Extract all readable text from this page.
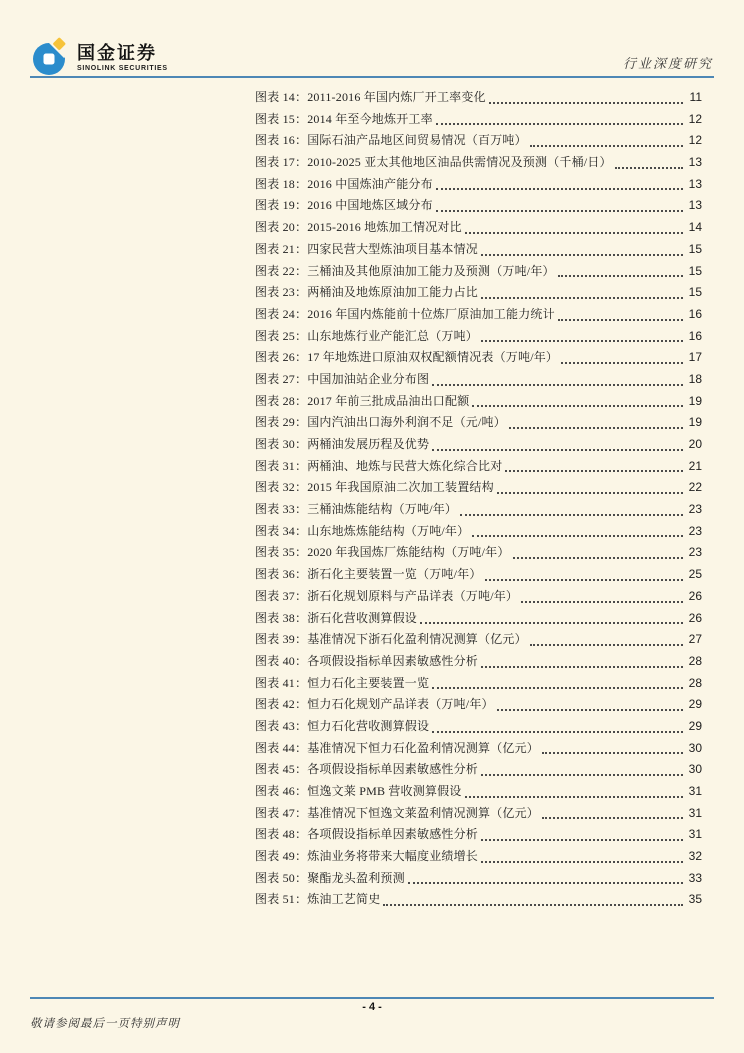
国金证券
SINOLINK SECURITIES	行业深度研究
图表 14：2011-2016 年国内炼厂开工率变化	11
图表 15：2014 年至今地炼开工率	12
图表 16：国际石油产品地区间贸易情况（百万吨）	12
图表 17：2010-2025 亚太其他地区油品供需情况及预测（千桶/日）	13
图表 18：2016 中国炼油产能分布	13
图表 19：2016 中国地炼区域分布	13
图表 20：2015-2016 地炼加工情况对比	14
图表 21：四家民营大型炼油项目基本情况	15
图表 22：三桶油及其他原油加工能力及预测（万吨/年）	15
图表 23：两桶油及地炼原油加工能力占比	15
图表 24：2016 年国内炼能前十位炼厂原油加工能力统计	16
图表 25：山东地炼行业产能汇总（万吨）	16
图表 26：17 年地炼进口原油双权配额情况表（万吨/年）	17
图表 27：中国加油站企业分布图	18
图表 28：2017 年前三批成品油出口配额	19
图表 29：国内汽油出口海外利润不足（元/吨）	19
图表 30：两桶油发展历程及优势	20
图表 31：两桶油、地炼与民营大炼化综合比对	21
图表 32：2015 年我国原油二次加工装置结构	22
图表 33：三桶油炼能结构（万吨/年）	23
图表 34：山东地炼炼能结构（万吨/年）	23
图表 35：2020 年我国炼厂炼能结构（万吨/年）	23
图表 36：浙石化主要装置一览（万吨/年）	25
图表 37：浙石化规划原料与产品详表（万吨/年）	26
图表 38：浙石化营收测算假设	26
图表 39：基准情况下浙石化盈利情况测算（亿元）	27
图表 40：各项假设指标单因素敏感性分析	28
图表 41：恒力石化主要装置一览	28
图表 42：恒力石化规划产品详表（万吨/年）	29
图表 43：恒力石化营收测算假设	29
图表 44：基准情况下恒力石化盈利情况测算（亿元）	30
图表 45：各项假设指标单因素敏感性分析	30
图表 46：恒逸文莱 PMB 营收测算假设	31
图表 47：基准情况下恒逸文莱盈利情况测算（亿元）	31
图表 48：各项假设指标单因素敏感性分析	31
图表 49：炼油业务将带来大幅度业绩增长	32
图表 50：聚酯龙头盈利预测	33
图表 51：炼油工艺简史	35
- 4 -
敬请参阅最后一页特别声明
